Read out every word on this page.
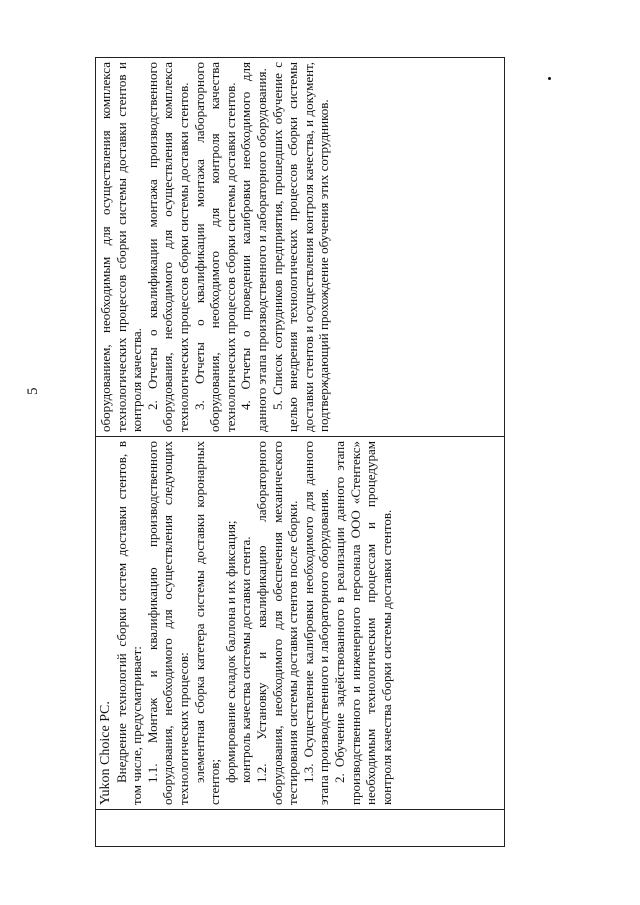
5

Yukon Choice PC. Внедрение технологий сборки систем доставки стентов, в том числе, предусматривает: 1.1. Монтаж и квалификацию производственного оборудования, необходимого для осуществления следующих технологических процесов: элементная сборка катетера системы доставки коронарных стентов; формирование складок баллона и их фиксация; контроль качества системы доставки стента. 1.2. Установку и квалификацию лабораторного оборудования, необходимого для обеспечения механического тестирования системы доставки стентов после сборки. 1.3. Осуществление калибровки необходимого для данного этапа производственного и лабораторного оборудования. 2. Обучение задействованного в реализации данного этапа производственного и инженерного персонала ООО «Стентекс» необходимым технологическим процессам и процедурам контроля качества сборки системы доставки стентов.

оборудованием, необходимым для осуществления комплекса технологических процессов сборки системы доставки стентов и контроля качества. 2. Отчеты о квалификации монтажа производственного оборудования, необходимого для осуществления комплекса технологических процессов сборки системы доставки стентов. 3. Отчеты о квалификации монтажа лабораторного оборудования, необходимого для контроля качества технологических процессов сборки системы доставки стентов. 4. Отчеты о проведении калибровки необходимого для данного этапа производственного и лабораторного оборудования. 5. Список сотрудников предприятия, прошедших обучение с целью внедрения технологических процессов сборки системы доставки стентов и осуществления контроля качества, и документ, подтверждающий прохождение обучения этих сотрудников.
